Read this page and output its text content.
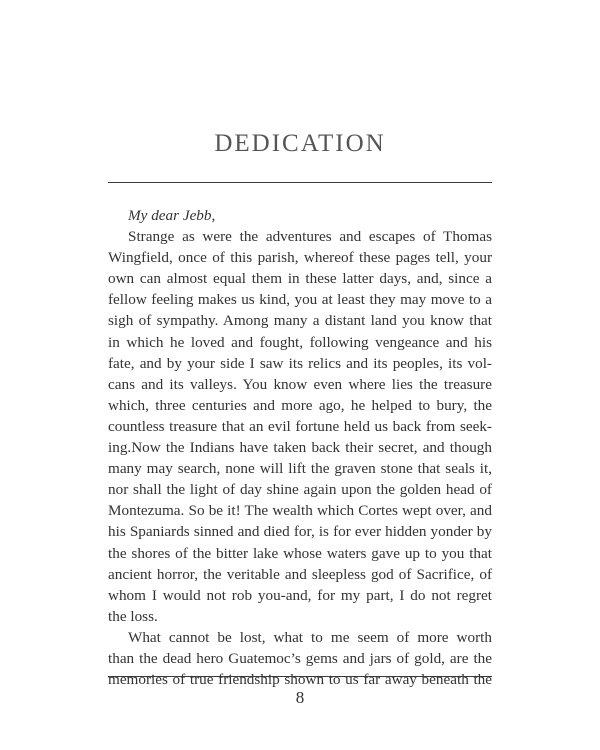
DEDICATION
My dear Jebb,
Strange as were the adventures and escapes of Thomas
Wingfield, once of this parish, whereof these pages tell, your
own can almost equal them in these latter days, and, since a
fellow feeling makes us kind, you at least they may move to a
sigh of sympathy. Among many a distant land you know that
in which he loved and fought, following vengeance and his
fate, and by your side I saw its relics and its peoples, its vol-
cans and its valleys. You know even where lies the treasure
which, three centuries and more ago, he helped to bury, the
countless treasure that an evil fortune held us back from seek-
ing.Now the Indians have taken back their secret, and though
many may search, none will lift the graven stone that seals it,
nor shall the light of day shine again upon the golden head of
Montezuma. So be it! The wealth which Cortes wept over, and
his Spaniards sinned and died for, is for ever hidden yonder by
the shores of the bitter lake whose waters gave up to you that
ancient horror, the veritable and sleepless god of Sacrifice, of
whom I would not rob you-and, for my part, I do not regret
the loss.
What cannot be lost, what to me seem of more worth
than the dead hero Guatemoc’s gems and jars of gold, are the
memories of true friendship shown to us far away beneath the
8
